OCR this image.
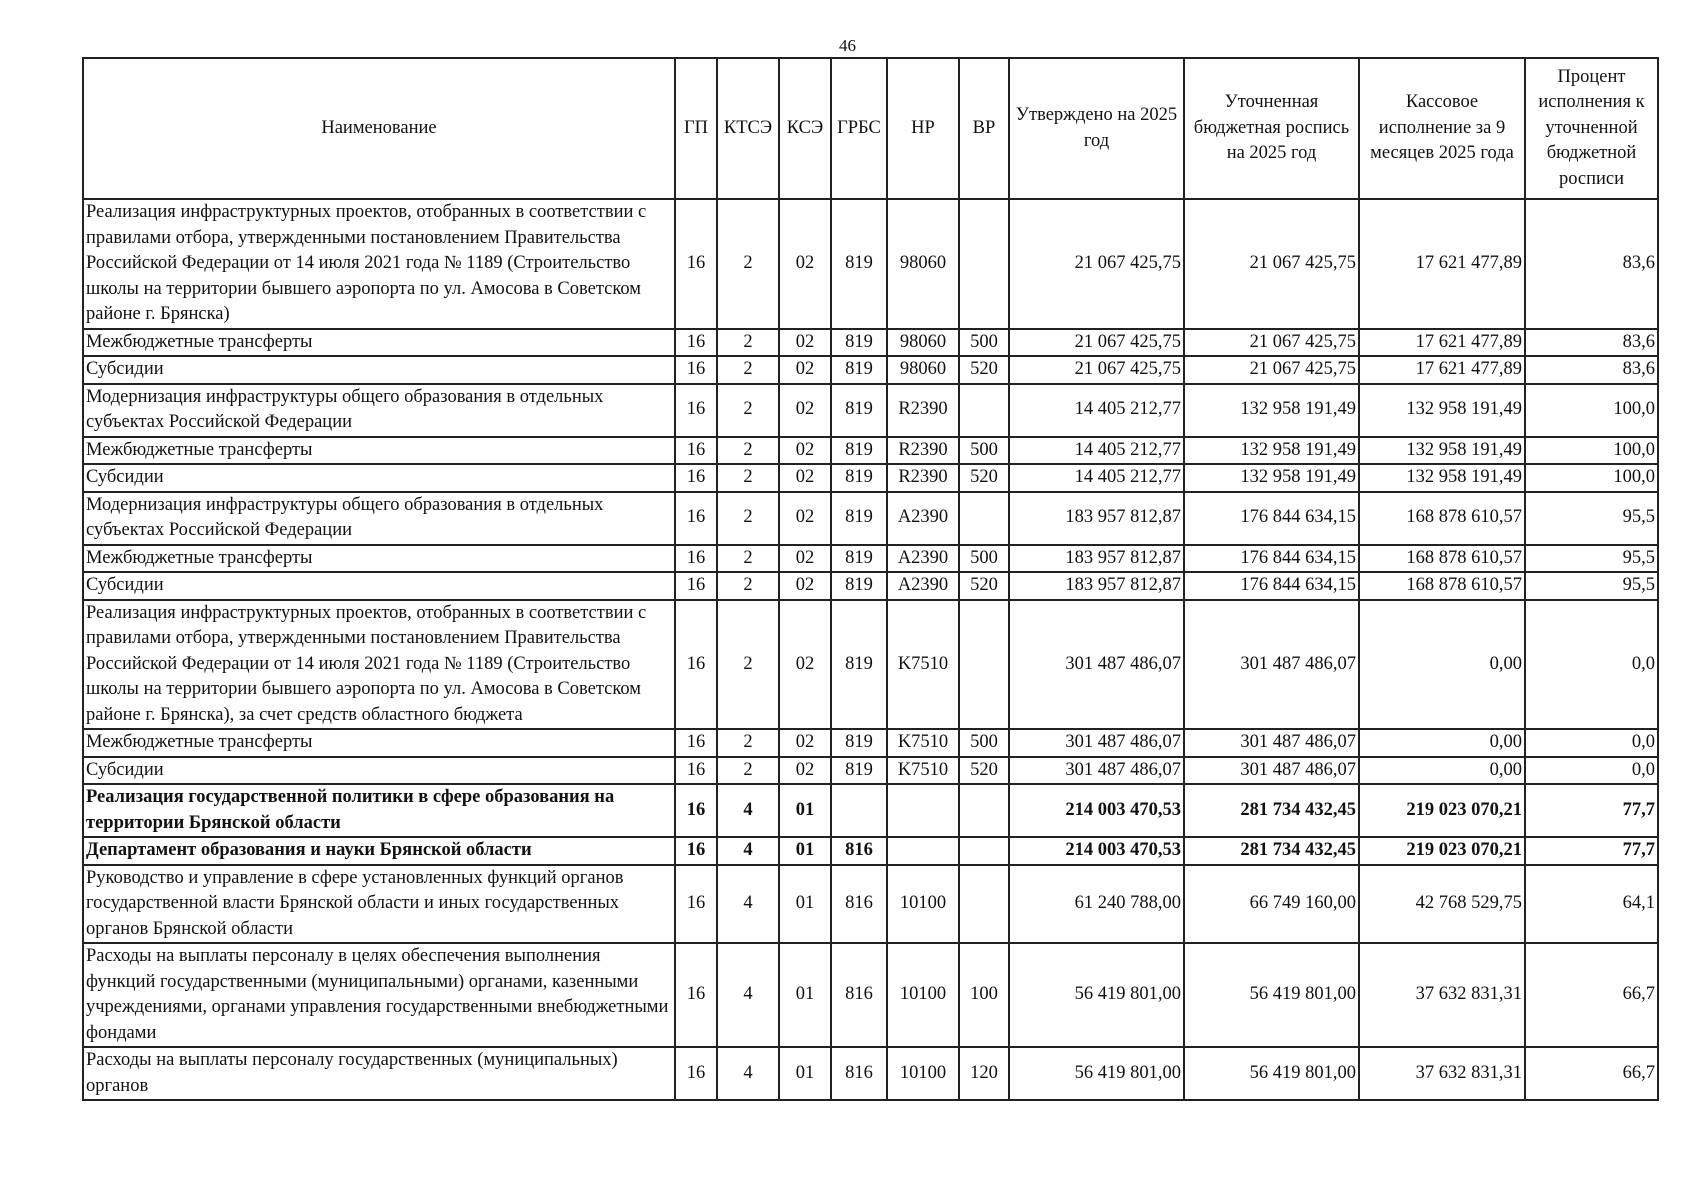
46
Наименование	ГП	КТСЭ	КСЭ	ГРБС	НР	ВР	Утверждено на 2025 год	Уточненная бюджетная роспись на 2025 год	Кассовое исполнение за 9 месяцев 2025 года	Процент исполнения к уточненной бюджетной росписи
Реализация инфраструктурных проектов, отобранных в соответствии с правилами отбора, утвержденными постановлением Правительства Российской Федерации от 14 июля 2021 года № 1189 (Строительство школы на территории бывшего аэропорта по ул. Амосова в Советском районе г. Брянска)	16	2	02	819	98060		21 067 425,75	21 067 425,75	17 621 477,89	83,6
Межбюджетные трансферты	16	2	02	819	98060	500	21 067 425,75	21 067 425,75	17 621 477,89	83,6
Субсидии	16	2	02	819	98060	520	21 067 425,75	21 067 425,75	17 621 477,89	83,6
Модернизация инфраструктуры общего образования в отдельных субъектах Российской Федерации	16	2	02	819	R2390		14 405 212,77	132 958 191,49	132 958 191,49	100,0
Межбюджетные трансферты	16	2	02	819	R2390	500	14 405 212,77	132 958 191,49	132 958 191,49	100,0
Субсидии	16	2	02	819	R2390	520	14 405 212,77	132 958 191,49	132 958 191,49	100,0
Модернизация инфраструктуры общего образования в отдельных субъектах Российской Федерации	16	2	02	819	A2390		183 957 812,87	176 844 634,15	168 878 610,57	95,5
Межбюджетные трансферты	16	2	02	819	A2390	500	183 957 812,87	176 844 634,15	168 878 610,57	95,5
Субсидии	16	2	02	819	A2390	520	183 957 812,87	176 844 634,15	168 878 610,57	95,5
Реализация инфраструктурных проектов, отобранных в соответствии с правилами отбора, утвержденными постановлением Правительства Российской Федерации от 14 июля 2021 года № 1189 (Строительство школы на территории бывшего аэропорта по ул. Амосова в Советском районе г. Брянска), за счет средств областного бюджета	16	2	02	819	K7510		301 487 486,07	301 487 486,07	0,00	0,0
Межбюджетные трансферты	16	2	02	819	K7510	500	301 487 486,07	301 487 486,07	0,00	0,0
Субсидии	16	2	02	819	K7510	520	301 487 486,07	301 487 486,07	0,00	0,0
Реализация государственной политики в сфере образования на территории Брянской области	16	4	01				214 003 470,53	281 734 432,45	219 023 070,21	77,7
Департамент образования и науки Брянской области	16	4	01	816			214 003 470,53	281 734 432,45	219 023 070,21	77,7
Руководство и управление в сфере установленных функций органов государственной власти Брянской области и иных государственных органов Брянской области	16	4	01	816	10100		61 240 788,00	66 749 160,00	42 768 529,75	64,1
Расходы на выплаты персоналу в целях обеспечения выполнения функций государственными (муниципальными) органами, казенными учреждениями, органами управления государственными внебюджетными фондами	16	4	01	816	10100	100	56 419 801,00	56 419 801,00	37 632 831,31	66,7
Расходы на выплаты персоналу государственных (муниципальных) органов	16	4	01	816	10100	120	56 419 801,00	56 419 801,00	37 632 831,31	66,7
